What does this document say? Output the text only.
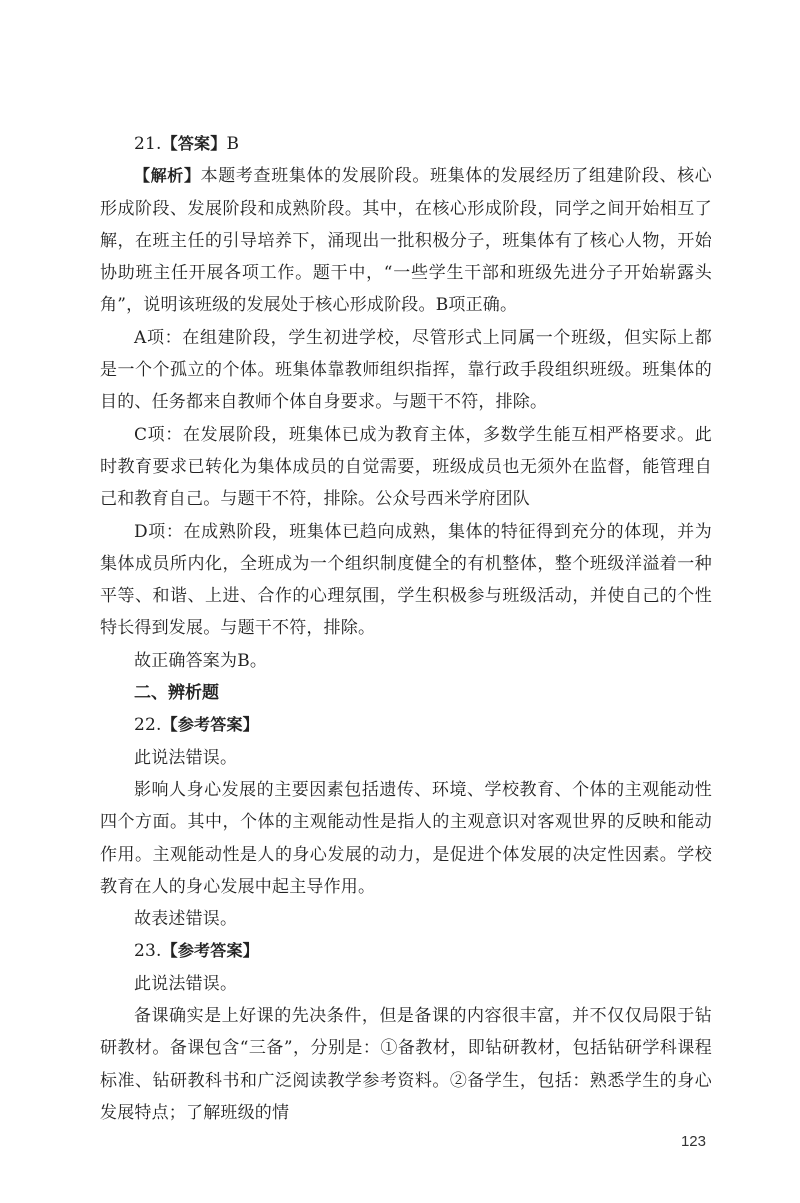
21.【答案】B

【解析】本题考查班集体的发展阶段。班集体的发展经历了组建阶段、核心形成阶段、发展阶段和成熟阶段。其中，在核心形成阶段，同学之间开始相互了解，在班主任的引导培养下，涌现出一批积极分子，班集体有了核心人物，开始协助班主任开展各项工作。题干中，“一些学生干部和班级先进分子开始崭露头角”，说明该班级的发展处于核心形成阶段。B项正确。

A项：在组建阶段，学生初进学校，尽管形式上同属一个班级，但实际上都是一个个孤立的个体。班集体靠教师组织指挥，靠行政手段组织班级。班集体的目的、任务都来自教师个体自身要求。与题干不符，排除。

C项：在发展阶段，班集体已成为教育主体，多数学生能互相严格要求。此时教育要求已转化为集体成员的自觉需要，班级成员也无须外在监督，能管理自己和教育自己。与题干不符，排除。公众号西米学府团队

D项：在成熟阶段，班集体已趋向成熟，集体的特征得到充分的体现，并为集体成员所内化，全班成为一个组织制度健全的有机整体，整个班级洋溢着一种平等、和谐、上进、合作的心理氛围，学生积极参与班级活动，并使自己的个性特长得到发展。与题干不符，排除。

故正确答案为B。

二、辨析题

22.【参考答案】

此说法错误。

影响人身心发展的主要因素包括遗传、环境、学校教育、个体的主观能动性四个方面。其中，个体的主观能动性是指人的主观意识对客观世界的反映和能动作用。主观能动性是人的身心发展的动力，是促进个体发展的决定性因素。学校教育在人的身心发展中起主导作用。

故表述错误。

23.【参考答案】

此说法错误。

备课确实是上好课的先决条件，但是备课的内容很丰富，并不仅仅局限于钻研教材。备课包含“三备”，分别是：①备教材，即钻研教材，包括钻研学科课程标准、钻研教科书和广泛阅读教学参考资料。②备学生，包括：熟悉学生的身心发展特点；了解班级的情

123
